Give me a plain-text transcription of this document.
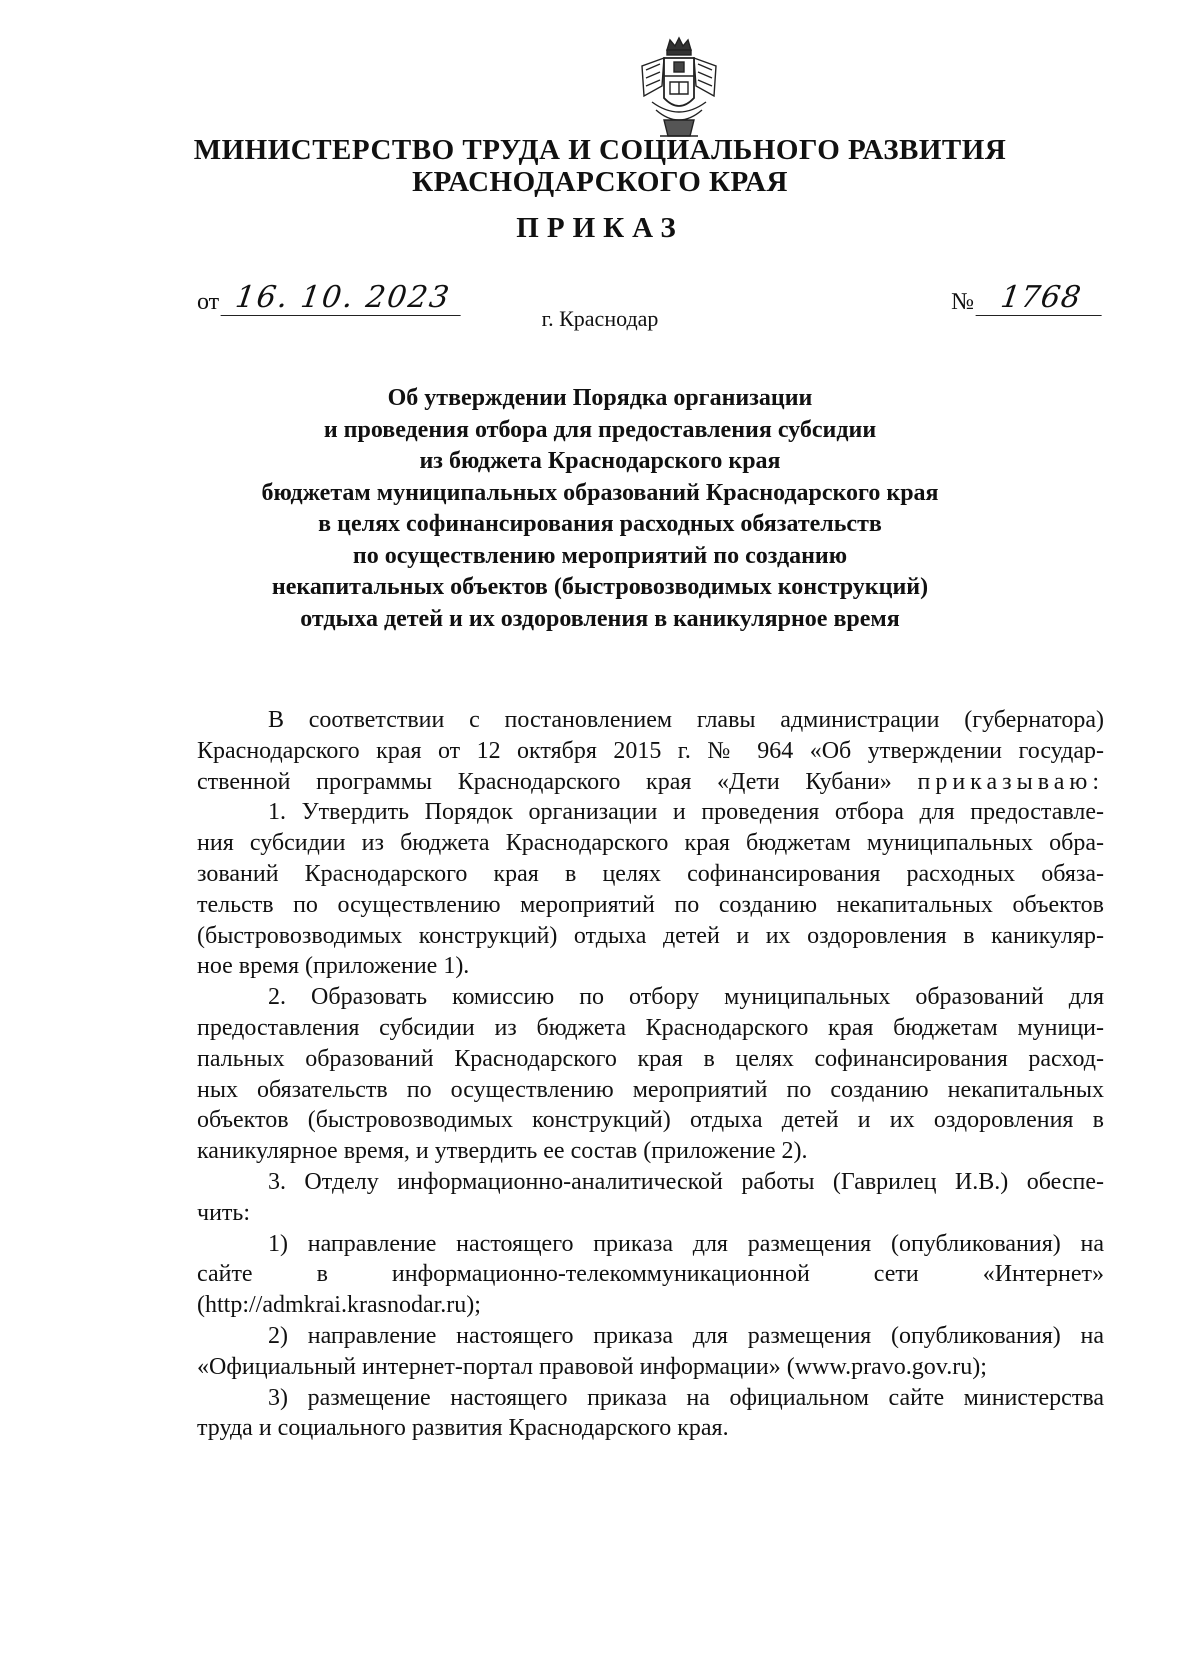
МИНИСТЕРСТВО ТРУДА И СОЦИАЛЬНОГО РАЗВИТИЯ
КРАСНОДАРСКОГО КРАЯ
ПРИКАЗ
от 16. 10. 2023	№ 1768
г. Краснодар
Об утверждении Порядка организации
и проведения отбора для предоставления субсидии
из бюджета Краснодарского края
бюджетам муниципальных образований Краснодарского края
в целях софинансирования расходных обязательств
по осуществлению мероприятий по созданию
некапитальных объектов (быстровозводимых конструкций)
отдыха детей и их оздоровления в каникулярное время
В соответствии с постановлением главы администрации (губернатора)
Краснодарского края от 12 октября 2015 г. № 964 «Об утверждении государ-
ственной программы Краснодарского края «Дети Кубани» приказываю:
1. Утвердить Порядок организации и проведения отбора для предоставле-
ния субсидии из бюджета Краснодарского края бюджетам муниципальных обра-
зований Краснодарского края в целях софинансирования расходных обяза-
тельств по осуществлению мероприятий по созданию некапитальных объектов
(быстровозводимых конструкций) отдыха детей и их оздоровления в каникуляр-
ное время (приложение 1).
2. Образовать комиссию по отбору муниципальных образований для
предоставления субсидии из бюджета Краснодарского края бюджетам муници-
пальных образований Краснодарского края в целях софинансирования расход-
ных обязательств по осуществлению мероприятий по созданию некапитальных
объектов (быстровозводимых конструкций) отдыха детей и их оздоровления в
каникулярное время, и утвердить ее состав (приложение 2).
3. Отделу информационно-аналитической работы (Гаврилец И.В.) обеспе-
чить:
1) направление настоящего приказа для размещения (опубликования) на
сайте в информационно-телекоммуникационной сети «Интернет»
(http://admkrai.krasnodar.ru);
2) направление настоящего приказа для размещения (опубликования) на
«Официальный интернет-портал правовой информации» (www.pravo.gov.ru);
3) размещение настоящего приказа на официальном сайте министерства
труда и социального развития Краснодарского края.
